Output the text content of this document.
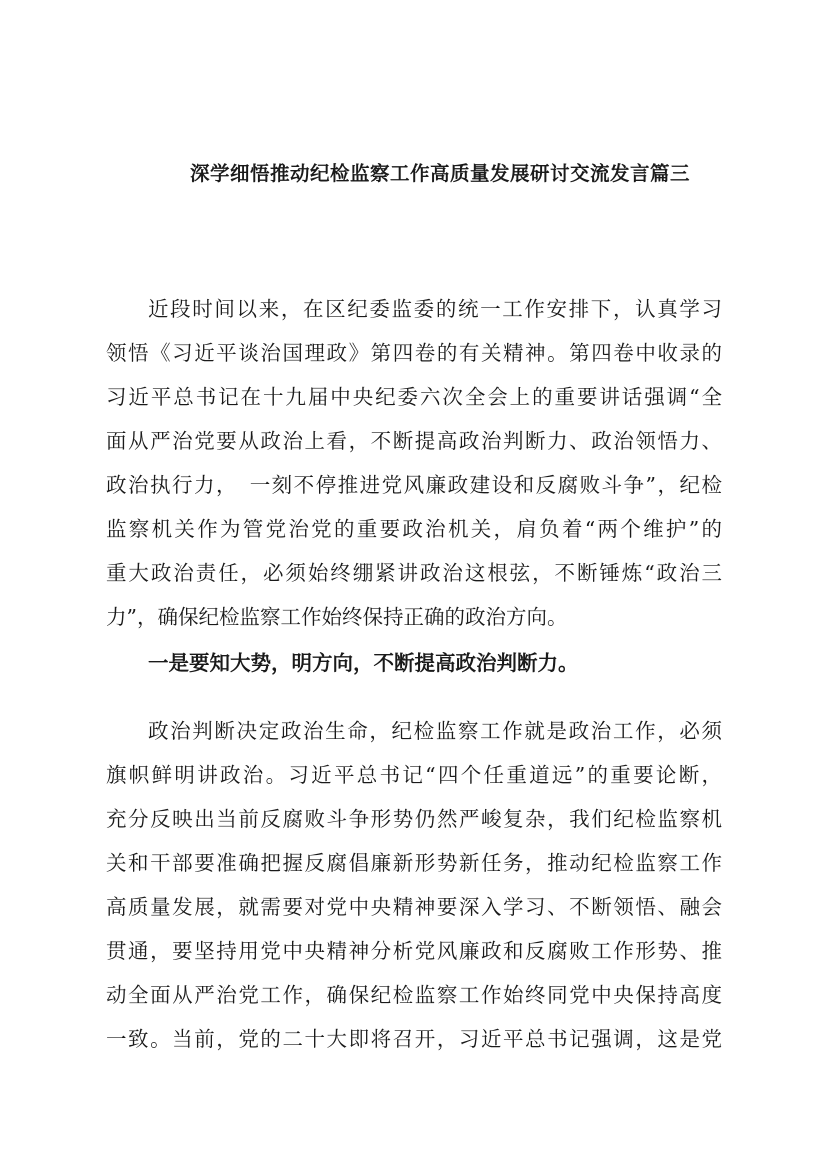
深学细悟推动纪检监察工作高质量发展研讨交流发言篇三
近段时间以来，在区纪委监委的统一工作安排下，认真学习
领悟《习近平谈治国理政》第四卷的有关精神。第四卷中收录的
习近平总书记在十九届中央纪委六次全会上的重要讲话强调“全
面从严治党要从政治上看，不断提高政治判断力、政治领悟力、
政治执行力，　一刻不停推进党风廉政建设和反腐败斗争”，纪检
监察机关作为管党治党的重要政治机关，肩负着“两个维护”的
重大政治责任，必须始终绷紧讲政治这根弦，不断锤炼“政治三
力”，确保纪检监察工作始终保持正确的政治方向。
一是要知大势，明方向，不断提高政治判断力。
政治判断决定政治生命，纪检监察工作就是政治工作，必须
旗帜鲜明讲政治。习近平总书记“四个任重道远”的重要论断，
充分反映出当前反腐败斗争形势仍然严峻复杂，我们纪检监察机
关和干部要准确把握反腐倡廉新形势新任务，推动纪检监察工作
高质量发展，就需要对党中央精神要深入学习、不断领悟、融会
贯通，要坚持用党中央精神分析党风廉政和反腐败工作形势、推
动全面从严治党工作，确保纪检监察工作始终同党中央保持高度
一致。当前，党的二十大即将召开，习近平总书记强调，这是党
